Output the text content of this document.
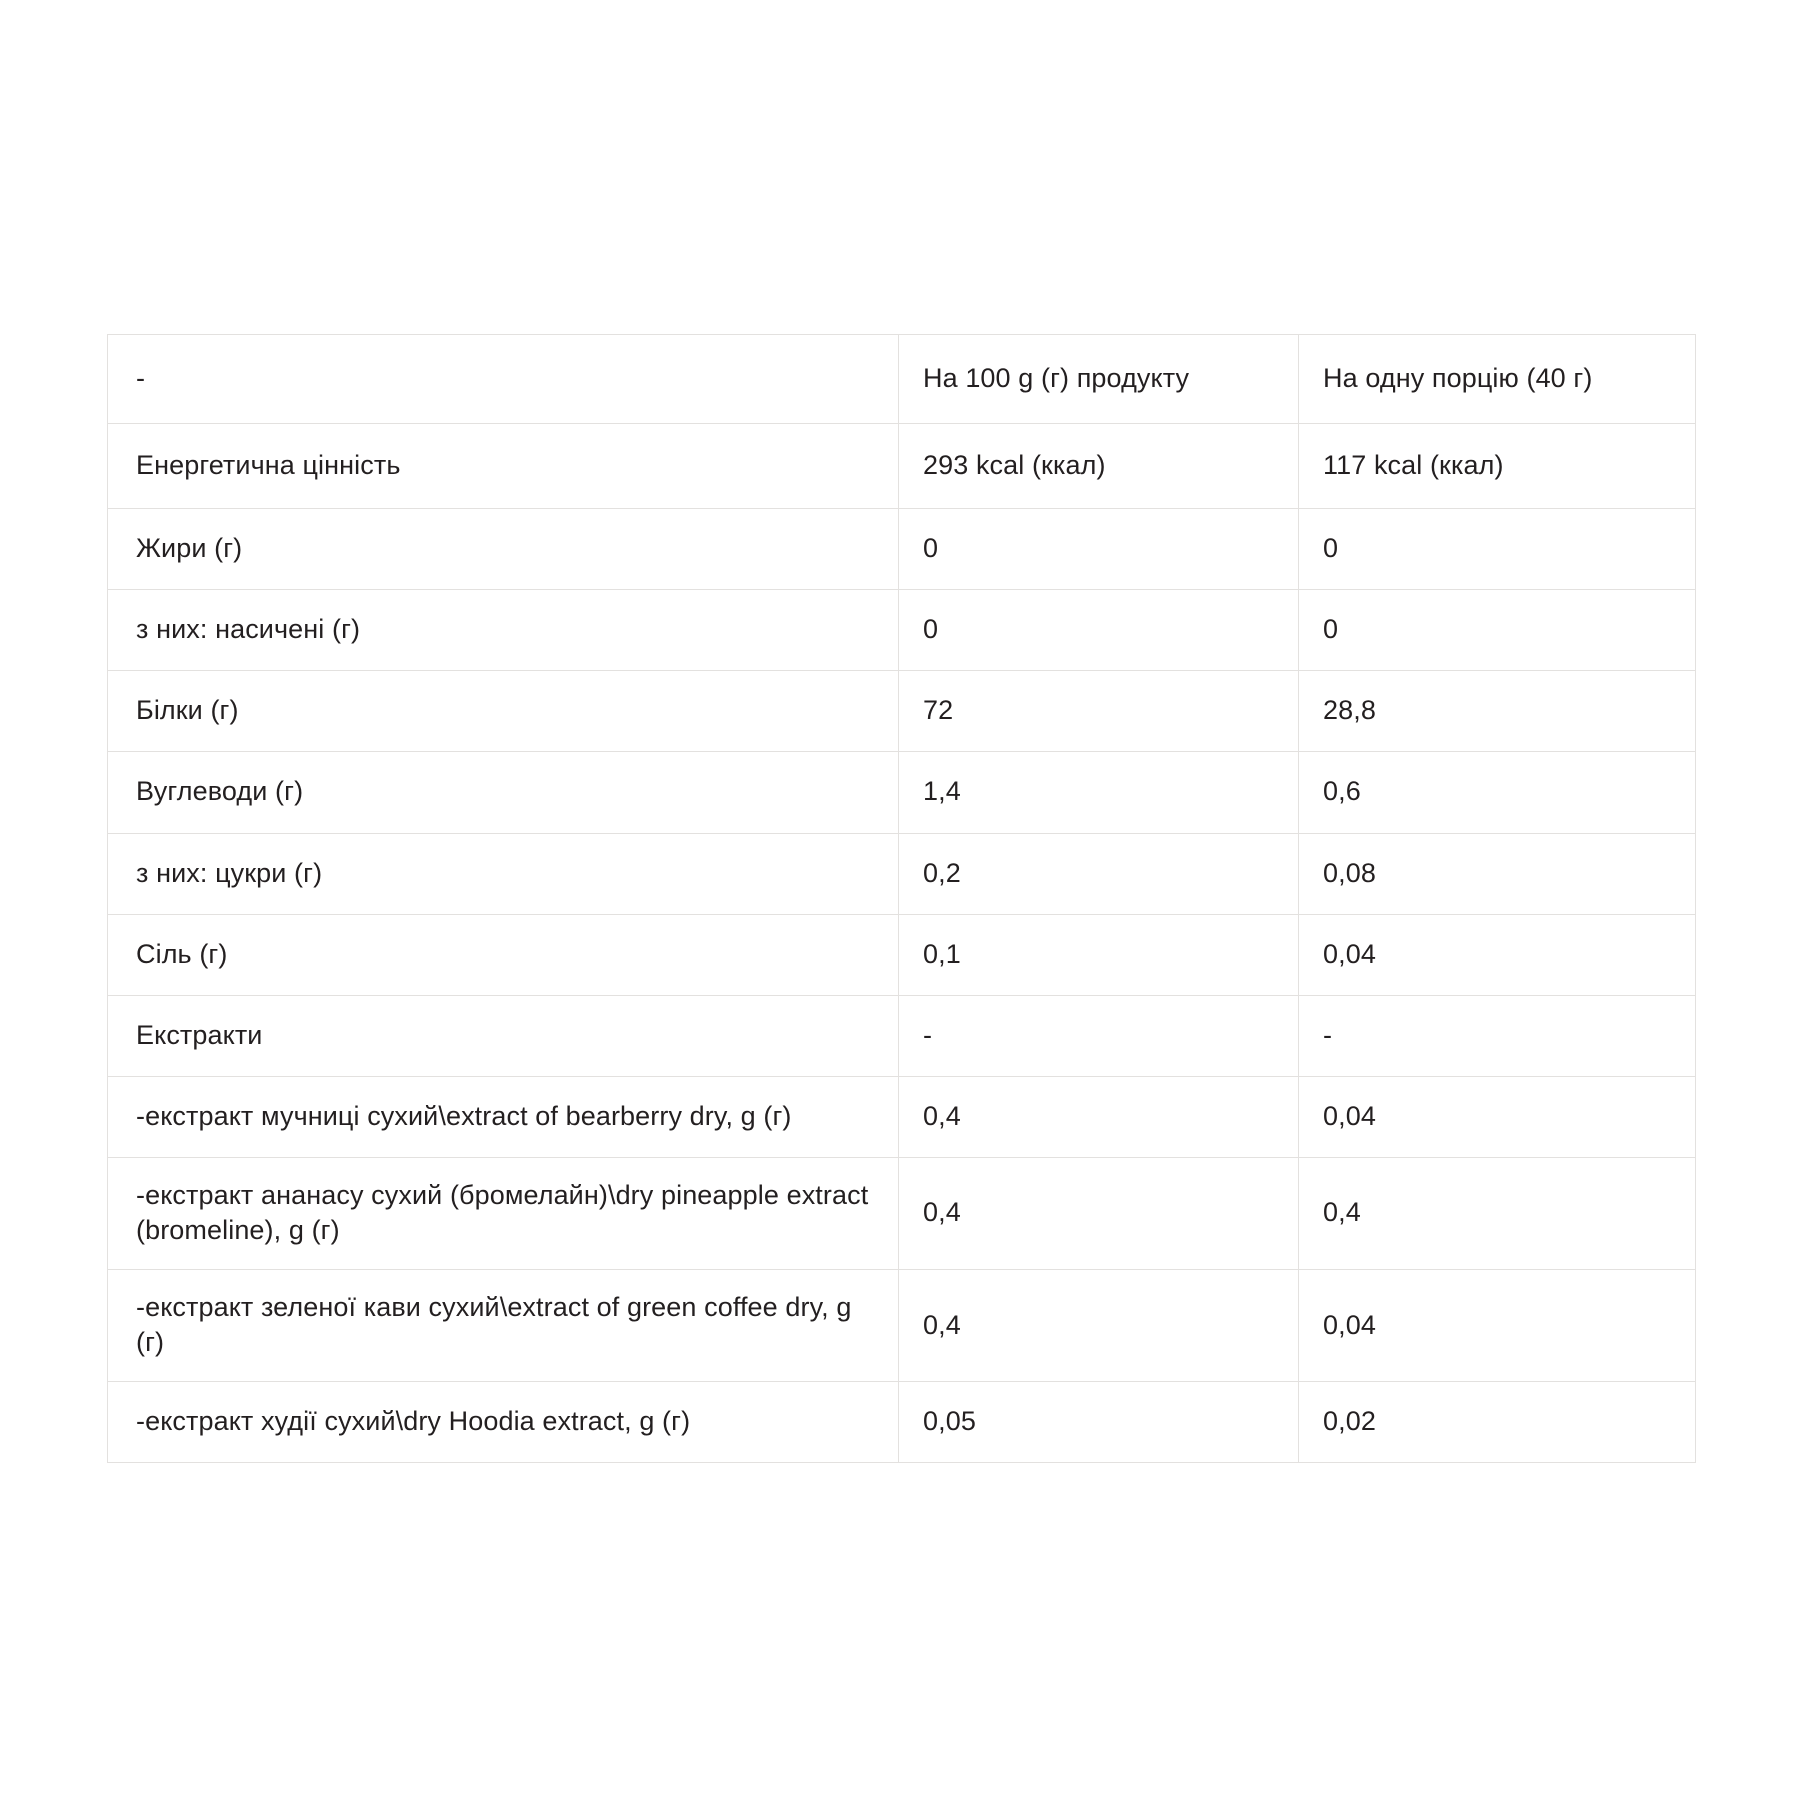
-	На 100 g (г) продукту	На одну порцію (40 г)

Енергетична цінність	293 kcal (ккал)	117 kcal (ккал)

Жири (г)	0	0

з них: насичені (г)	0	0

Білки (г)	72	28,8

Вуглеводи (г)	1,4	0,6

з них: цукри (г)	0,2	0,08

Сіль (г)	0,1	0,04

Екстракти	-	-

-екстракт мучниці сухий\extract of bearberry dry, g (г)	0,4	0,04

-екстракт ананасу сухий (бромелайн)\dry pineapple extract (bromeline), g (г)	0,4	0,4

-екстракт зеленої кави сухий\extract of green coffee dry, g (г)	0,4	0,04

-екстракт худії сухий\dry Hoodia extract, g (г)	0,05	0,02
